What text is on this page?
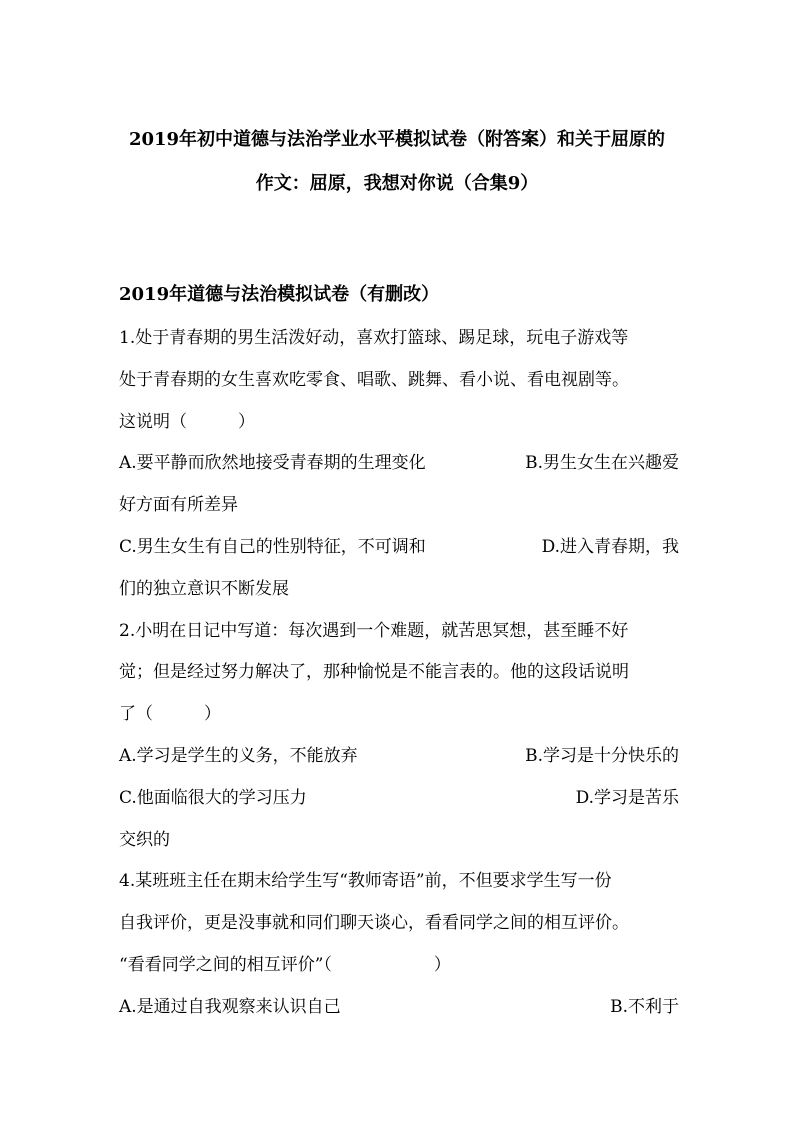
2019年初中道德与法治学业水平模拟试卷（附答案）和关于屈原的
作文：屈原，我想对你说（合集9）
2019年道德与法治模拟试卷（有删改）
1.处于青春期的男生活泼好动，喜欢打篮球、踢足球，玩电子游戏等
处于青春期的女生喜欢吃零食、唱歌、跳舞、看小说、看电视剧等。
这说明（　　　）
A.要平静而欣然地接受青春期的生理变化	B.男生女生在兴趣爱
好方面有所差异
C.男生女生有自己的性别特征，不可调和	D.进入青春期，我
们的独立意识不断发展
2.小明在日记中写道：每次遇到一个难题，就苦思冥想，甚至睡不好
觉；但是经过努力解决了，那种愉悦是不能言表的。他的这段话说明
了（　　　）
A.学习是学生的义务，不能放弃	B.学习是十分快乐的
C.他面临很大的学习压力	D.学习是苦乐
交织的
4.某班班主任在期末给学生写“教师寄语”前，不但要求学生写一份
自我评价，更是没事就和同们聊天谈心，看看同学之间的相互评价。
“看看同学之间的相互评价”（　　　　　　）
A.是通过自我观察来认识自己	B.不利于
